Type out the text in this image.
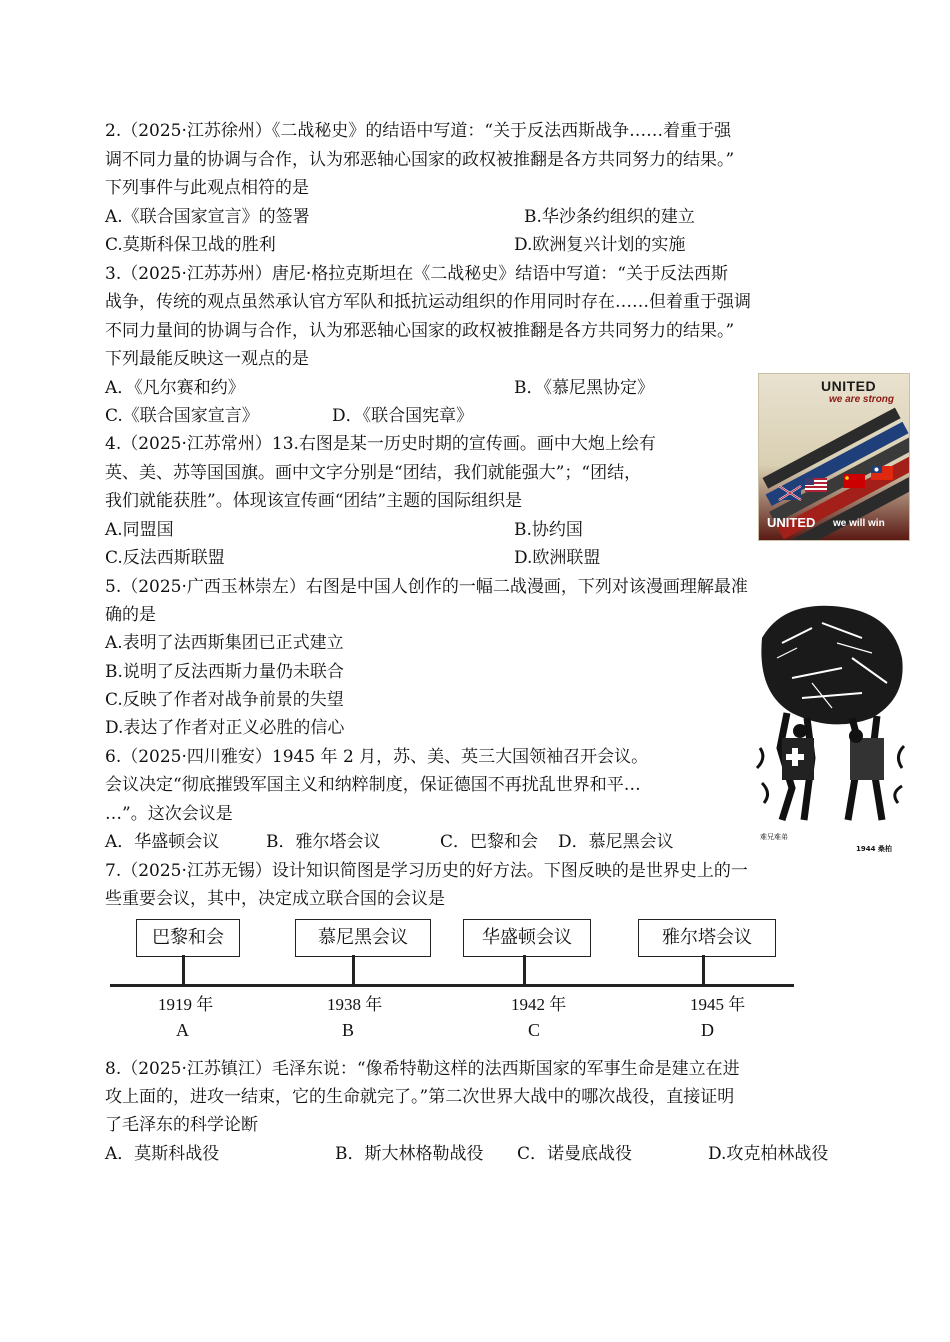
2.（2025·江苏徐州）《二战秘史》的结语中写道：“关于反法西斯战争……着重于强
调不同力量的协调与合作，认为邪恶轴心国家的政权被推翻是各方共同努力的结果。”
下列事件与此观点相符的是
A.《联合国家宣言》的签署	B.华沙条约组织的建立
C.莫斯科保卫战的胜利	D.欧洲复兴计划的实施
3.（2025·江苏苏州）唐尼·格拉克斯坦在《二战秘史》结语中写道：“关于反法西斯
战争，传统的观点虽然承认官方军队和抵抗运动组织的作用同时存在……但着重于强调
不同力量间的协调与合作，认为邪恶轴心国家的政权被推翻是各方共同努力的结果。”
下列最能反映这一观点的是
A．《凡尔赛和约》	B．《慕尼黑协定》
C.《联合国家宣言》	D．《联合国宪章》
4.（2025·江苏常州）13.右图是某一历史时期的宣传画。画中大炮上绘有
英、美、苏等国国旗。画中文字分别是“团结，我们就能强大”；“团结，
我们就能获胜”。体现该宣传画“团结”主题的国际组织是
A.同盟国	B.协约国
C.反法西斯联盟	D.欧洲联盟
UNITED
we are strong
UNITED we will win
5.（2025·广西玉林崇左）右图是中国人创作的一幅二战漫画，下列对该漫画理解最准
确的是
A.表明了法西斯集团已正式建立
B.说明了反法西斯力量仍未联合
C.反映了作者对战争前景的失望
D.表达了作者对正义必胜的信心
难兄难弟
1944 桑柏
6.（2025·四川雅安）1945 年 2 月，苏、美、英三大国领袖召开会议。
会议决定“彻底摧毁军国主义和纳粹制度，保证德国不再扰乱世界和平…
…”。这次会议是
A．华盛顿会议	B．雅尔塔会议	C．巴黎和会 D．慕尼黑会议
7.（2025·江苏无锡）设计知识简图是学习历史的好方法。下图反映的是世界史上的一
些重要会议，其中，决定成立联合国的会议是
巴黎和会	慕尼黑会议	华盛顿会议	雅尔塔会议
1919 年	1938 年	1942 年	1945 年
A	B	C	D
8.（2025·江苏镇江）毛泽东说：“像希特勒这样的法西斯国家的军事生命是建立在进
攻上面的，进攻一结束，它的生命就完了。”第二次世界大战中的哪次战役，直接证明
了毛泽东的科学论断
A．莫斯科战役	B．斯大林格勒战役 C．诺曼底战役	D.攻克柏林战役
